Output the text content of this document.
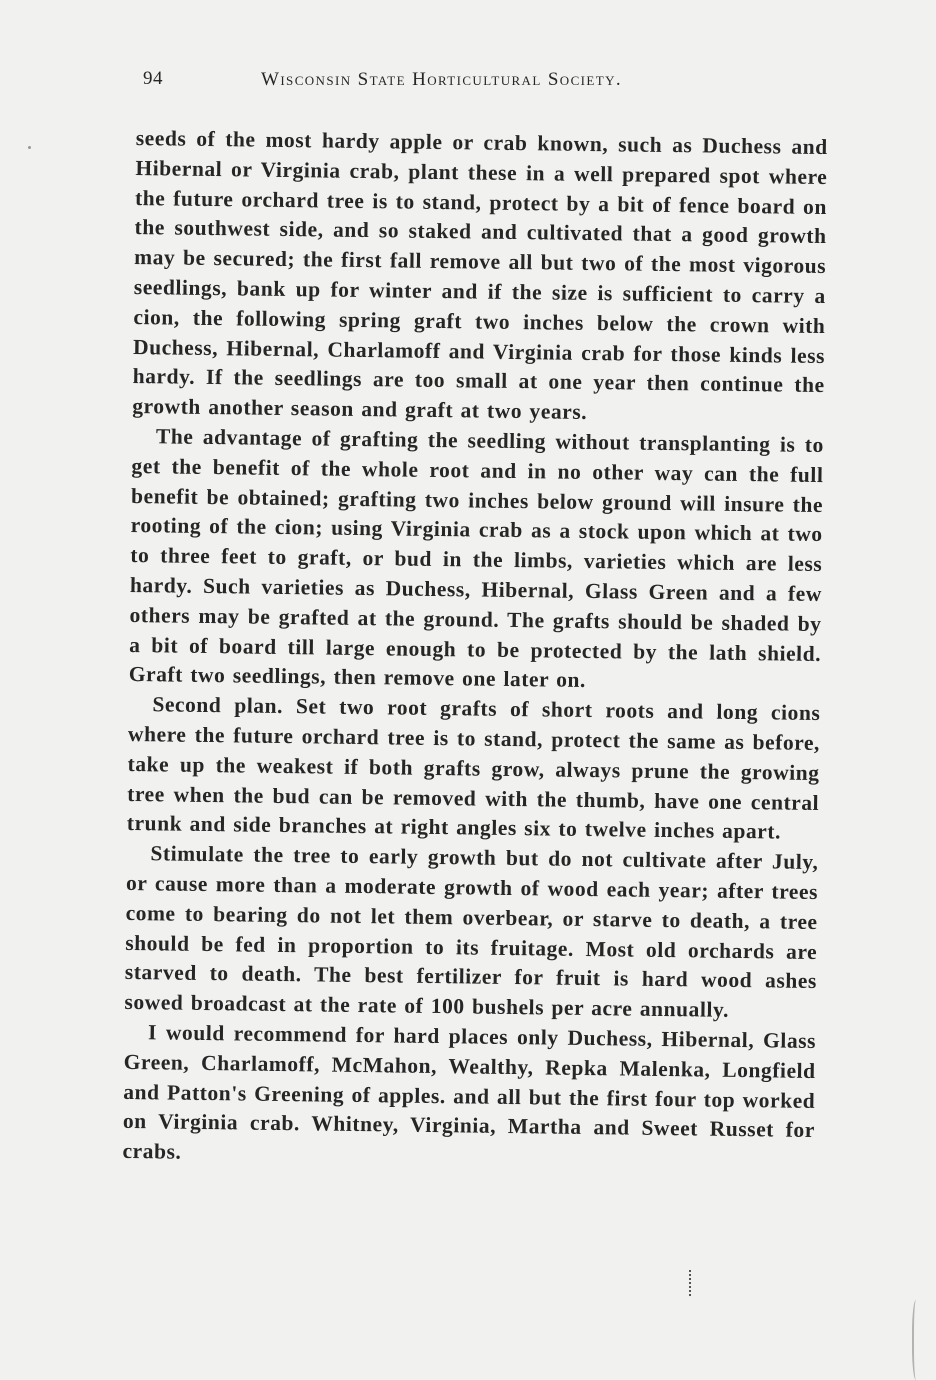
94	Wisconsin State Horticultural Society.

seeds of the most hardy apple or crab known, such as Duchess and Hibernal or Virginia crab, plant these in a well prepared spot where the future orchard tree is to stand, protect by a bit of fence board on the southwest side, and so staked and cultivated that a good growth may be secured; the first fall remove all but two of the most vigorous seedlings, bank up for winter and if the size is sufficient to carry a cion, the following spring graft two inches below the crown with Duchess, Hibernal, Charlamoff and Virginia crab for those kinds less hardy. If the seedlings are too small at one year then continue the growth another season and graft at two years.

The advantage of grafting the seedling without transplanting is to get the benefit of the whole root and in no other way can the full benefit be obtained; grafting two inches below ground will insure the rooting of the cion; using Virginia crab as a stock upon which at two to three feet to graft, or bud in the limbs, varieties which are less hardy. Such varieties as Duchess, Hibernal, Glass Green and a few others may be grafted at the ground. The grafts should be shaded by a bit of board till large enough to be protected by the lath shield. Graft two seedlings, then remove one later on.

Second plan. Set two root grafts of short roots and long cions where the future orchard tree is to stand, protect the same as before, take up the weakest if both grafts grow, always prune the growing tree when the bud can be removed with the thumb, have one central trunk and side branches at right angles six to twelve inches apart.

Stimulate the tree to early growth but do not cultivate after July, or cause more than a moderate growth of wood each year; after trees come to bearing do not let them overbear, or starve to death, a tree should be fed in proportion to its fruitage. Most old orchards are starved to death. The best fertilizer for fruit is hard wood ashes sowed broadcast at the rate of 100 bushels per acre annually.

I would recommend for hard places only Duchess, Hibernal, Glass Green, Charlamoff, McMahon, Wealthy, Repka Malenka, Longfield and Patton's Greening of apples. and all but the first four top worked on Virginia crab. Whitney, Virginia, Martha and Sweet Russet for crabs.
